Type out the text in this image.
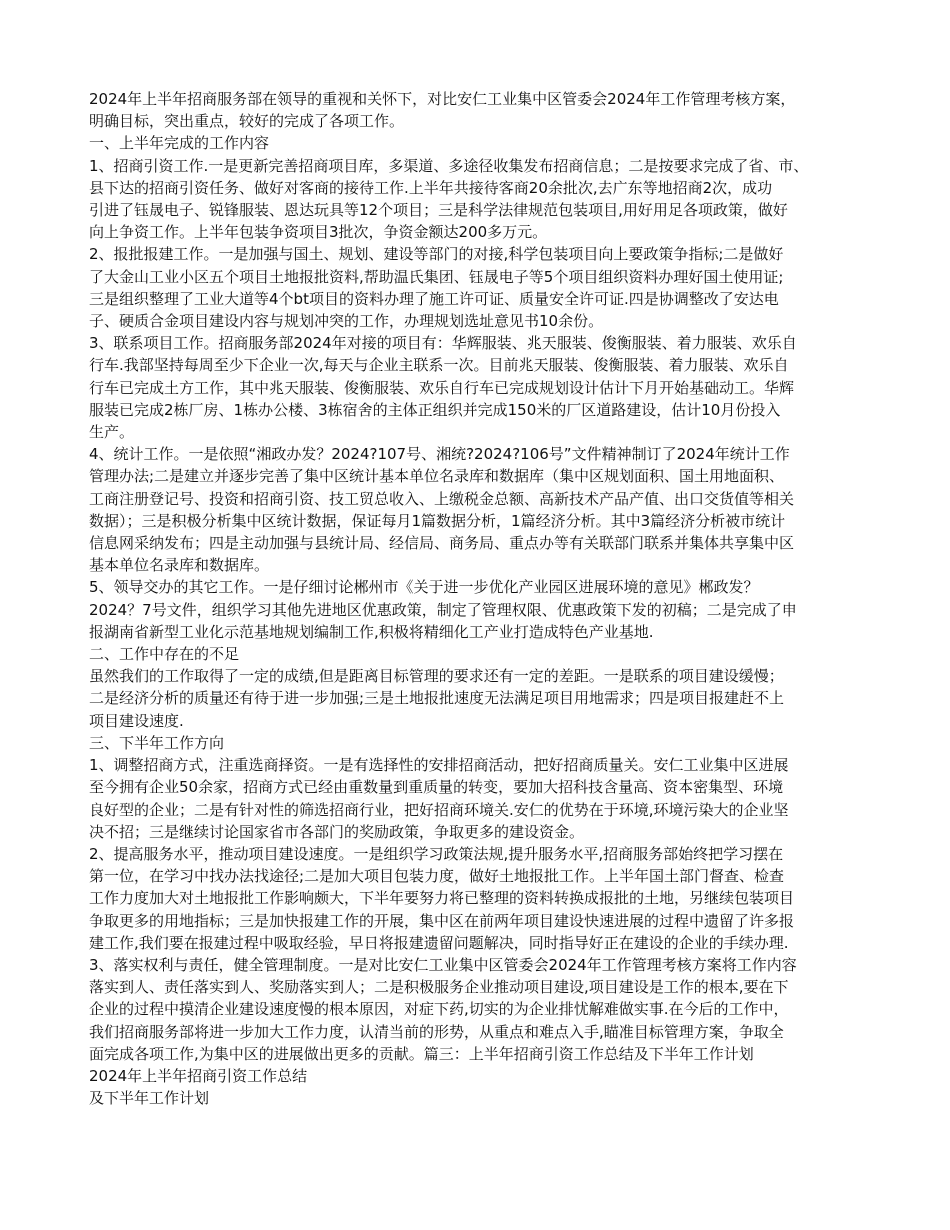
2024年上半年招商服务部在领导的重视和关怀下，对比安仁工业集中区管委会2024年工作管理考核方案，
明确目标，突出重点，较好的完成了各项工作。
一、上半年完成的工作内容
1、招商引资工作.一是更新完善招商项目库，多渠道、多途径收集发布招商信息；二是按要求完成了省、市、
县下达的招商引资任务、做好对客商的接待工作.上半年共接待客商20余批次,去广东等地招商2次，成功
引进了钰晟电子、锐锋服装、恩达玩具等12个项目；三是科学法律规范包装项目,用好用足各项政策，做好
向上争资工作。上半年包装争资项目3批次，争资金额达200多万元。
2、报批报建工作。一是加强与国土、规划、建设等部门的对接,科学包装项目向上要政策争指标;二是做好
了大金山工业小区五个项目土地报批资料,帮助温氏集团、钰晟电子等5个项目组织资料办理好国土使用证;
三是组织整理了工业大道等4个bt项目的资料办理了施工许可证、质量安全许可证.四是协调整改了安达电
子、硬质合金项目建设内容与规划冲突的工作，办理规划选址意见书10余份。
3、联系项目工作。招商服务部2024年对接的项目有：华辉服装、兆天服装、俊衡服装、着力服装、欢乐自
行车.我部坚持每周至少下企业一次,每天与企业主联系一次。目前兆天服装、俊衡服装、着力服装、欢乐自
行车已完成土方工作，其中兆天服装、俊衡服装、欢乐自行车已完成规划设计估计下月开始基础动工。华辉
服装已完成2栋厂房、1栋办公楼、3栋宿舍的主体正组织并完成150米的厂区道路建设，估计10月份投入
生产。
4、统计工作。一是依照“湘政办发？2024?107号、湘统?2024?106号”文件精神制订了2024年统计工作
管理办法;二是建立并逐步完善了集中区统计基本单位名录库和数据库（集中区规划面积、国土用地面积、
工商注册登记号、投资和招商引资、技工贸总收入、上缴税金总额、高新技术产品产值、出口交货值等相关
数据）；三是积极分析集中区统计数据，保证每月1篇数据分析，1篇经济分析。其中3篇经济分析被市统计
信息网采纳发布；四是主动加强与县统计局、经信局、商务局、重点办等有关联部门联系并集体共享集中区
基本单位名录库和数据库。
5、领导交办的其它工作。一是仔细讨论郴州市《关于进一步优化产业园区进展环境的意见》郴政发？
2024？7号文件，组织学习其他先进地区优惠政策，制定了管理权限、优惠政策下发的初稿；二是完成了申
报湖南省新型工业化示范基地规划编制工作,积极将精细化工产业打造成特色产业基地.
二、工作中存在的不足
虽然我们的工作取得了一定的成绩,但是距离目标管理的要求还有一定的差距。一是联系的项目建设缓慢；
二是经济分析的质量还有待于进一步加强;三是土地报批速度无法满足项目用地需求；四是项目报建赶不上
项目建设速度.
三、下半年工作方向
1、调整招商方式，注重选商择资。一是有选择性的安排招商活动，把好招商质量关。安仁工业集中区进展
至今拥有企业50余家，招商方式已经由重数量到重质量的转变，要加大招科技含量高、资本密集型、环境
良好型的企业；二是有针对性的筛选招商行业，把好招商环境关.安仁的优势在于环境,环境污染大的企业坚
决不招；三是继续讨论国家省市各部门的奖励政策，争取更多的建设资金。
2、提高服务水平，推动项目建设速度。一是组织学习政策法规,提升服务水平,招商服务部始终把学习摆在
第一位，在学习中找办法找途径;二是加大项目包装力度，做好土地报批工作。上半年国土部门督查、检查
工作力度加大对土地报批工作影响颇大，下半年要努力将已整理的资料转换成报批的土地，另继续包装项目
争取更多的用地指标；三是加快报建工作的开展，集中区在前两年项目建设快速进展的过程中遗留了许多报
建工作,我们要在报建过程中吸取经验，早日将报建遗留问题解决，同时指导好正在建设的企业的手续办理.
3、落实权利与责任，健全管理制度。一是对比安仁工业集中区管委会2024年工作管理考核方案将工作内容
落实到人、责任落实到人、奖励落实到人；二是积极服务企业推动项目建设,项目建设是工作的根本,要在下
企业的过程中摸清企业建设速度慢的根本原因，对症下药,切实的为企业排忧解难做实事.在今后的工作中，
我们招商服务部将进一步加大工作力度，认清当前的形势，从重点和难点入手,瞄准目标管理方案，争取全
面完成各项工作,为集中区的进展做出更多的贡献。篇三：上半年招商引资工作总结及下半年工作计划
2024年上半年招商引资工作总结
及下半年工作计划
